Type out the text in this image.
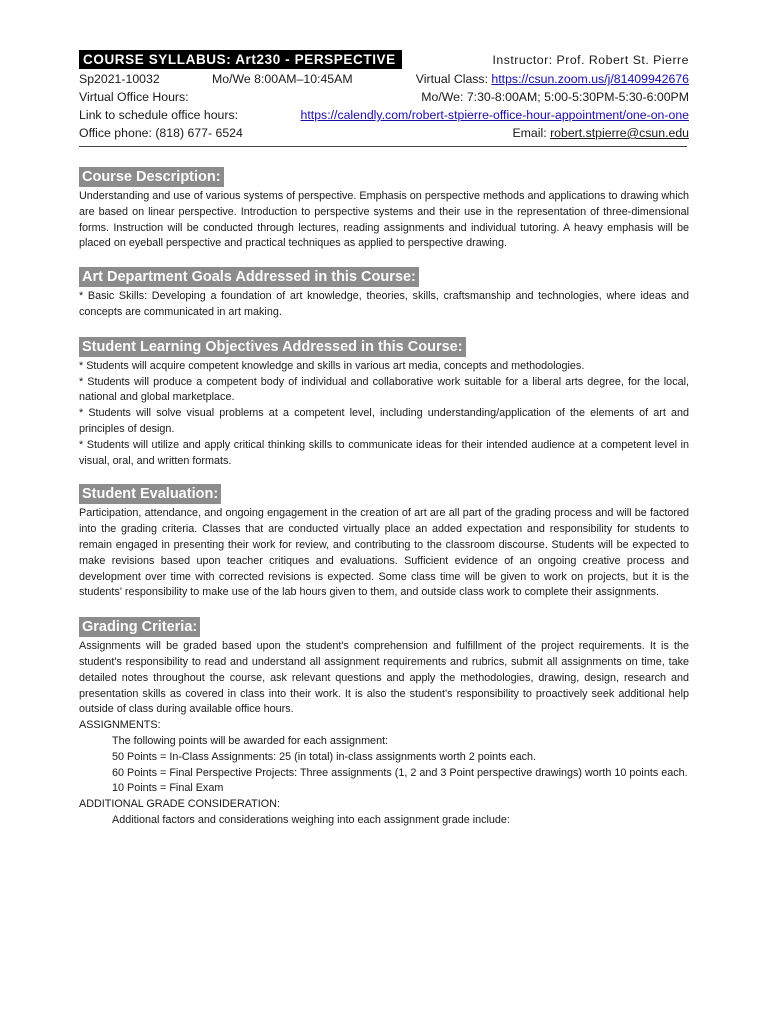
COURSE SYLLABUS: Art230 - PERSPECTIVE	Instructor: Prof. Robert St. Pierre
Sp2021-10032	Mo/We 8:00AM–10:45AM	Virtual Class: https://csun.zoom.us/j/81409942676
Virtual Office Hours:	Mo/We: 7:30-8:00AM; 5:00-5:30PM-5:30-6:00PM
Link to schedule office hours:	https://calendly.com/robert-stpierre-office-hour-appointment/one-on-one
Office phone: (818) 677- 6524	Email: robert.stpierre@csun.edu
Course Description:

Understanding and use of various systems of perspective. Emphasis on perspective methods and applications to drawing which are based on linear perspective. Introduction to perspective systems and their use in the representation of three-dimensional forms. Instruction will be conducted through lectures, reading assignments and individual tutoring. A heavy emphasis will be placed on eyeball perspective and practical techniques as applied to perspective drawing.

Art Department Goals Addressed in this Course:

* Basic Skills: Developing a foundation of art knowledge, theories, skills, craftsmanship and technologies, where ideas and concepts are communicated in art making.

Student Learning Objectives Addressed in this Course:

* Students will acquire competent knowledge and skills in various art media, concepts and methodologies.

* Students will produce a competent body of individual and collaborative work suitable for a liberal arts degree, for the local, national and global marketplace.

* Students will solve visual problems at a competent level, including understanding/application of the elements of art and principles of design.

* Students will utilize and apply critical thinking skills to communicate ideas for their intended audience at a competent level in visual, oral, and written formats.

Student Evaluation:

Participation, attendance, and ongoing engagement in the creation of art are all part of the grading process and will be factored into the grading criteria. Classes that are conducted virtually place an added expectation and responsibility for students to remain engaged in presenting their work for review, and contributing to the classroom discourse. Students will be expected to make revisions based upon teacher critiques and evaluations. Sufficient evidence of an ongoing creative process and development over time with corrected revisions is expected. Some class time will be given to work on projects, but it is the students' responsibility to make use of the lab hours given to them, and outside class work to complete their assignments.

Grading Criteria:

Assignments will be graded based upon the student's comprehension and fulfillment of the project requirements. It is the student's responsibility to read and understand all assignment requirements and rubrics, submit all assignments on time, take detailed notes throughout the course, ask relevant questions and apply the methodologies, drawing, design, research and presentation skills as covered in class into their work. It is also the student's responsibility to proactively seek additional help outside of class during available office hours.

ASSIGNMENTS:

The following points will be awarded for each assignment:

50 Points = In-Class Assignments: 25 (in total) in-class assignments worth 2 points each.

60 Points = Final Perspective Projects: Three assignments (1, 2 and 3 Point perspective drawings) worth 10 points each.

10 Points = Final Exam

ADDITIONAL GRADE CONSIDERATION:

Additional factors and considerations weighing into each assignment grade include:
